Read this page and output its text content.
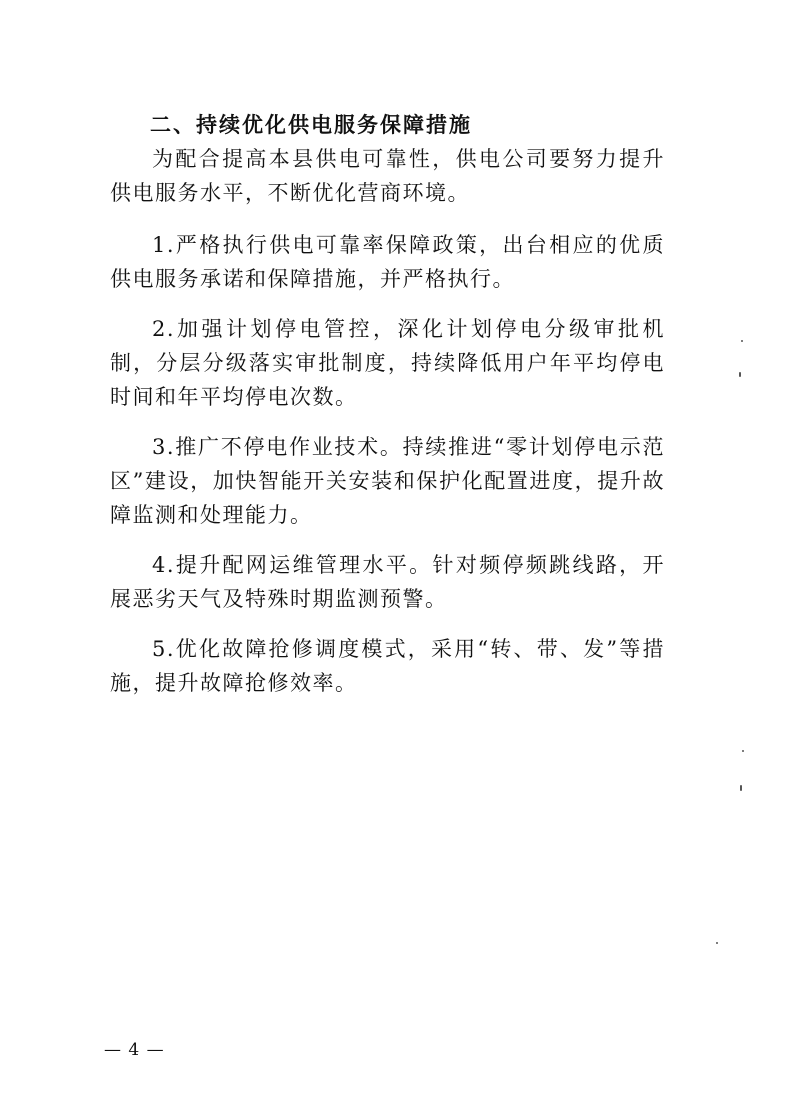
二、持续优化供电服务保障措施

为配合提高本县供电可靠性，供电公司要努力提升供电服务水平，不断优化营商环境。

1.严格执行供电可靠率保障政策，出台相应的优质供电服务承诺和保障措施，并严格执行。

2.加强计划停电管控，深化计划停电分级审批机制，分层分级落实审批制度，持续降低用户年平均停电时间和年平均停电次数。

3.推广不停电作业技术。持续推进“零计划停电示范区”建设，加快智能开关安装和保护化配置进度，提升故障监测和处理能力。

4.提升配网运维管理水平。针对频停频跳线路，开展恶劣天气及特殊时期监测预警。

5.优化故障抢修调度模式，采用“转、带、发”等措施，提升故障抢修效率。

— 4 —
